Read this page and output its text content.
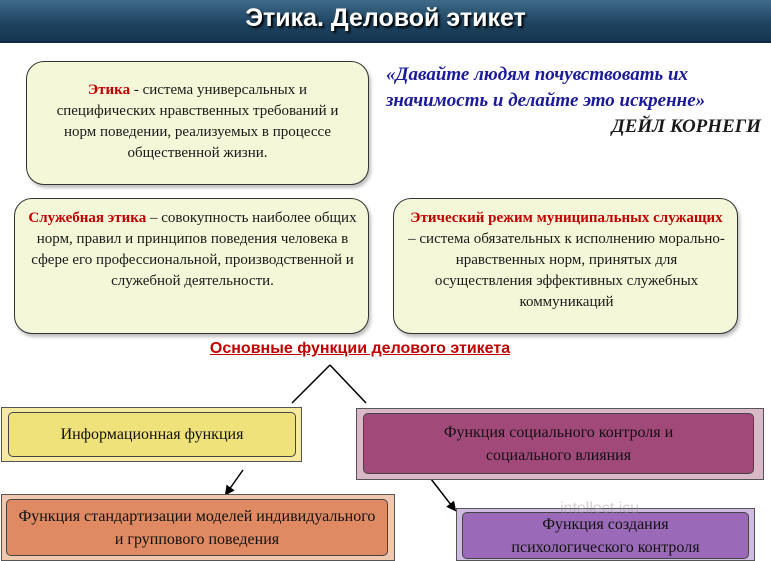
Этика. Деловой этикет
Этика - система универсальных и специфических нравственных требований и норм поведении, реализуемых в процессе общественной жизни.
«Давайте людям почувствовать их значимость и делайте это искренне»
ДЕЙЛ КОРНЕГИ
Служебная этика – совокупность наиболее общих норм, правил и принципов поведения человека в сфере его профессиональной, производственной и служебной деятельности.
Этический режим муниципальных служащих – система обязательных к исполнению морально-нравственных норм, принятых для осуществления эффективных служебных коммуникаций
Основные функции делового этикета
Информационная функция	Функция социального контроля и социального влияния
Функция стандартизации моделей индивидуального и группового поведения
Функция создания психологического контроля
intellect.icu
